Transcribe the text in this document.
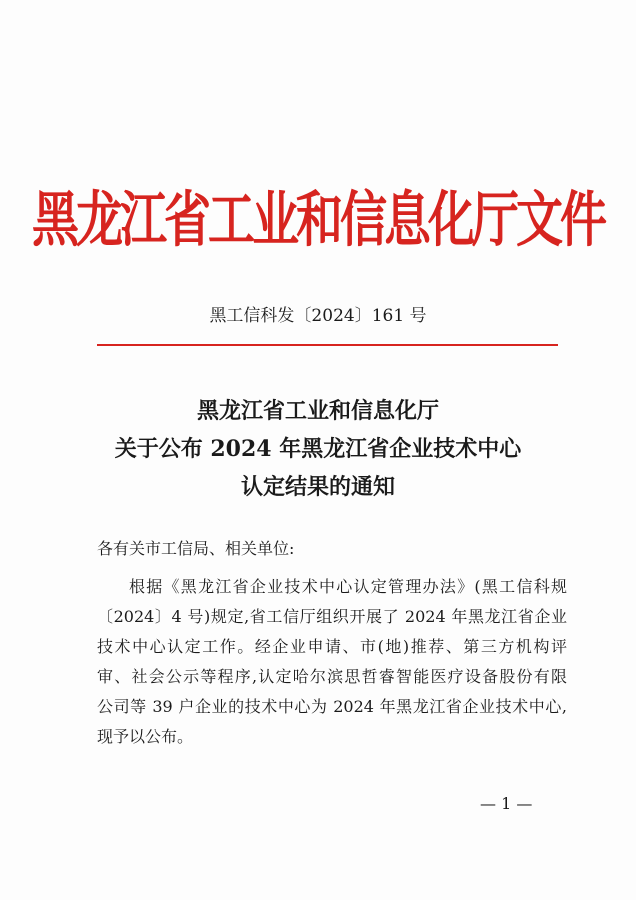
黑龙江省工业和信息化厅文件
黑工信科发〔2024〕161 号
黑龙江省工业和信息化厅
关于公布 2024 年黑龙江省企业技术中心
认定结果的通知
各有关市工信局、相关单位:
根据《黑龙江省企业技术中心认定管理办法》(黑工信科规
〔2024〕4 号)规定,省工信厅组织开展了 2024 年黑龙江省企业
技术中心认定工作。经企业申请、市(地)推荐、第三方机构评
审、社会公示等程序,认定哈尔滨思哲睿智能医疗设备股份有限
公司等 39 户企业的技术中心为 2024 年黑龙江省企业技术中心,
现予以公布。
— 1 —
